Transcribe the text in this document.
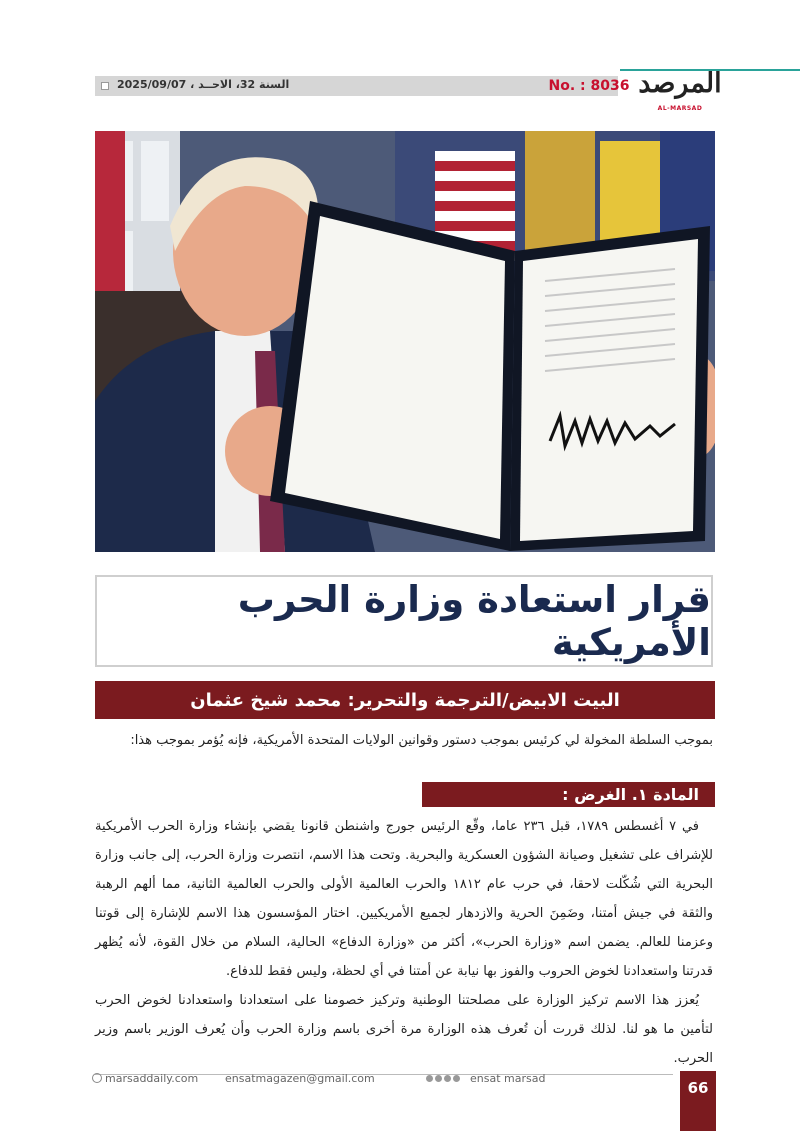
السنة 32، الاحــد ، 2025/09/07	No. : 8036 المرصد
AL-MARSAD
قرار استعادة وزارة الحرب الأمريكية
البيت الابيض/الترجمة والتحرير: محمد شيخ عثمان
بموجب السلطة المخولة لي كرئيس بموجب دستور وقوانين الولايات المتحدة الأمريكية، فإنه يُؤمر بموجب هذا:
المادة ١. الغرض :

في ٧ أغسطس ١٧٨٩، قبل ٢٣٦ عاما، وقّع الرئيس جورج واشنطن قانونا يقضي بإنشاء وزارة الحرب الأمريكية للإشراف على تشغيل وصيانة الشؤون العسكرية والبحرية. وتحت هذا الاسم، انتصرت وزارة الحرب، إلى جانب وزارة البحرية التي شُكّلت لاحقا، في حرب عام ١٨١٢ والحرب العالمية الأولى والحرب العالمية الثانية، مما ألهم الرهبة والثقة في جيش أمتنا، وضَمِنَ الحرية والازدهار لجميع الأمريكيين. اختار المؤسسون هذا الاسم للإشارة إلى قوتنا وعزمنا للعالم. يضمن اسم «وزارة الحرب»، أكثر من «وزارة الدفاع» الحالية، السلام من خلال القوة، لأنه يُظهر قدرتنا واستعدادنا لخوض الحروب والفوز بها نيابة عن أمتنا في أي لحظة، وليس فقط للدفاع.

يُعزز هذا الاسم تركيز الوزارة على مصلحتنا الوطنية وتركيز خصومنا على استعدادنا واستعدادنا لخوض الحرب لتأمين ما هو لنا. لذلك قررت أن تُعرف هذه الوزارة مرة أخرى باسم وزارة الحرب وأن يُعرف الوزير باسم وزير الحرب.

marsaddaily.com ensatmagazen@gmail.com	ensat marsad
66
